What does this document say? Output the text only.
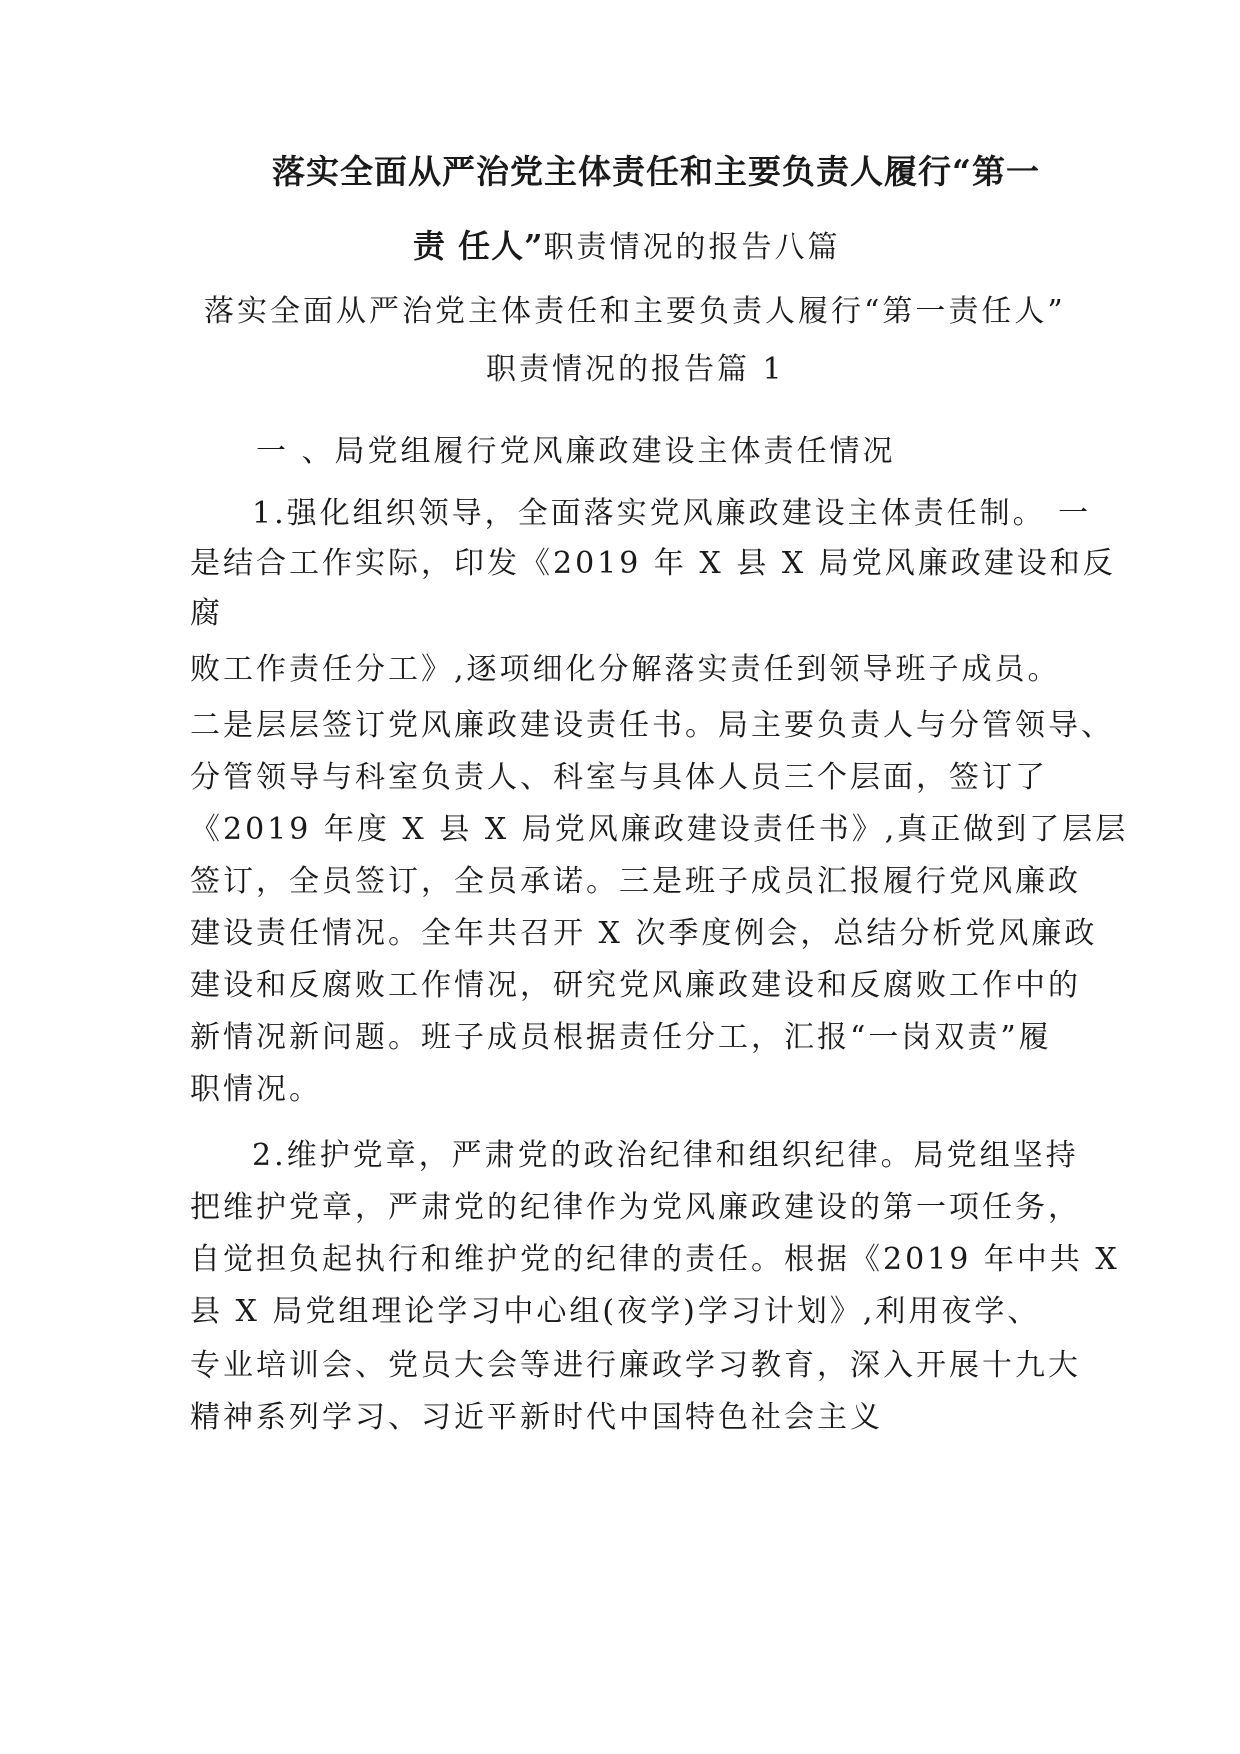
落实全面从严治党主体责任和主要负责人履行“第一
责 任人”职责情况的报告八篇
落实全面从严治党主体责任和主要负责人履行“第一责任人”
职责情况的报告篇 1
一 、局党组履行党风廉政建设主体责任情况
1.强化组织领导，全面落实党风廉政建设主体责任制。 一
是结合工作实际，印发《2019 年 X 县 X 局党风廉政建设和反
腐
败工作责任分工》,逐项细化分解落实责任到领导班子成员。
二是层层签订党风廉政建设责任书。局主要负责人与分管领导、
分管领导与科室负责人、科室与具体人员三个层面，签订了
《2019 年度 X 县 X 局党风廉政建设责任书》,真正做到了层层
签订，全员签订，全员承诺。三是班子成员汇报履行党风廉政
建设责任情况。全年共召开 X 次季度例会，总结分析党风廉政
建设和反腐败工作情况，研究党风廉政建设和反腐败工作中的
新情况新问题。班子成员根据责任分工，汇报“一岗双责”履
职情况。
2.维护党章，严肃党的政治纪律和组织纪律。局党组坚持
把维护党章，严肃党的纪律作为党风廉政建设的第一项任务，
自觉担负起执行和维护党的纪律的责任。根据《2019 年中共 X
县 X 局党组理论学习中心组(夜学)学习计划》,利用夜学、
专业培训会、党员大会等进行廉政学习教育，深入开展十九大
精神系列学习、习近平新时代中国特色社会主义
